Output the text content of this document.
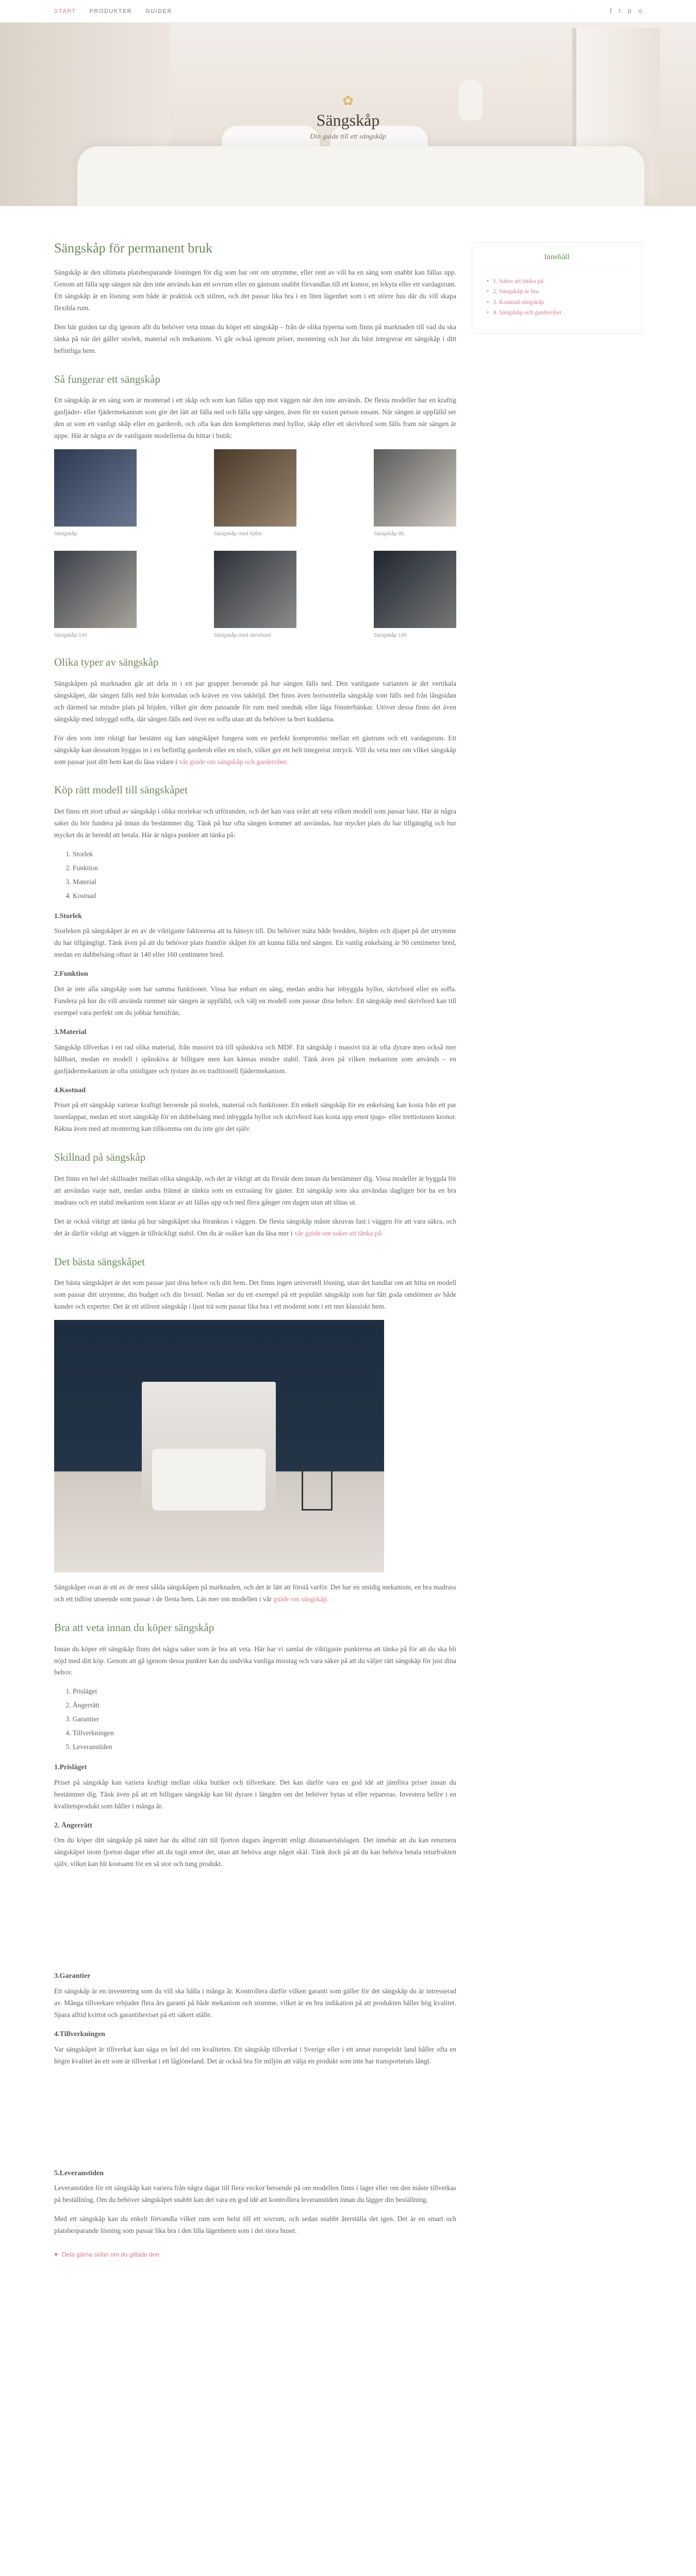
START PRODUKTER GUIDER	f t p o
✿
Sängskåp
Din guide till ett sängskåp
Sängskåp för permanent bruk

Sängskåp är den ultimata platsbesparande lösningen för dig som har ont om utrymme, eller rent av vill ha en säng som snabbt kan fällas upp. Genom att fälla upp sängen när den inte används kan ett sovrum eller en gästrum snabbt förvandlas till ett kontor, en lekyta eller ett vardagsrum. Ett sängskåp är en lösning som både är praktisk och stilren, och det passar lika bra i en liten lägenhet som i ett större hus där du vill skapa flexibla rum.

Den här guiden tar dig igenom allt du behöver veta innan du köper ett sängskåp – från de olika typerna som finns på marknaden till vad du ska tänka på när det gäller storlek, material och mekanism. Vi går också igenom priser, montering och hur du bäst integrerar ett sängskåp i ditt befintliga hem.

Så fungerar ett sängskåp

Ett sängskåp är en säng som är monterad i ett skåp och som kan fällas upp mot väggen när den inte används. De flesta modeller har en kraftig gasfjäder- eller fjädermekanism som gör det lätt att fälla ned och fälla upp sängen, även för en vuxen person ensam. När sängen är uppfälld ser den ut som ett vanligt skåp eller en garderob, och ofta kan den kompletteras med hyllor, skåp eller ett skrivbord som fälls fram när sängen är uppe. Här är några av de vanligaste modellerna du hittar i butik:

Sängskåp	Sängskåp med hyllor	Sängskåp 90
Sängskåp 160	Sängskåp med skrivbord	Sängskåp 140
Olika typer av sängskåp

Sängskåpen på marknaden går att dela in i ett par grupper beroende på hur sängen fälls ned. Den vanligaste varianten är det vertikala sängskåpet, där sängen fälls ned från kortsidan och kräver en viss takhöjd. Det finns även horisontella sängskåp som fälls ned från långsidan och därmed tar mindre plats på höjden, vilket gör dem passande för rum med snedtak eller låga fönsterbänkar. Utöver dessa finns det även sängskåp med inbyggd soffa, där sängen fälls ned över en soffa utan att du behöver ta bort kuddarna.

För den som inte riktigt har bestämt sig kan sängskåpet fungera som en perfekt kompromiss mellan ett gästrum och ett vardagsrum. Ett sängskåp kan dessutom byggas in i en befintlig garderob eller en nisch, vilket ger ett helt integrerat intryck. Vill du veta mer om vilket sängskåp som passar just ditt hem kan du läsa vidare i vår guide om sängskåp och garderober.

Köp rätt modell till sängskåpet

Det finns ett stort utbud av sängskåp i olika storlekar och utföranden, och det kan vara svårt att veta vilken modell som passar bäst. Här är några saker du bör fundera på innan du bestämmer dig. Tänk på hur ofta sängen kommer att användas, hur mycket plats du har tillgänglig och hur mycket du är beredd att betala. Här är några punkter att tänka på:

1. Storlek
2. Funktion
3. Material
4. Kostnad
1.Storlek

Storleken på sängskåpet är en av de viktigaste faktorerna att ta hänsyn till. Du behöver mäta både bredden, höjden och djupet på det utrymme du har tillgängligt. Tänk även på att du behöver plats framför skåpet för att kunna fälla ned sängen. En vanlig enkelsäng är 90 centimeter bred, medan en dubbelsäng oftast är 140 eller 160 centimeter bred.

2.Funktion

Det är inte alla sängskåp som har samma funktioner. Vissa har enbart en säng, medan andra har inbyggda hyllor, skrivbord eller en soffa. Fundera på hur du vill använda rummet när sängen är uppfälld, och välj en modell som passar dina behov. Ett sängskåp med skrivbord kan till exempel vara perfekt om du jobbar hemifrån.

3.Material

Sängskåp tillverkas i en rad olika material, från massivt trä till spånskiva och MDF. Ett sängskåp i massivt trä är ofta dyrare men också mer hållbart, medan en modell i spånskiva är billigare men kan kännas mindre stabil. Tänk även på vilken mekanism som används – en gasfjädermekanism är ofta smidigare och tystare än en traditionell fjädermekanism.

4.Kostnad

Priset på ett sängskåp varierar kraftigt beroende på storlek, material och funktioner. Ett enkelt sängskåp för en enkelsäng kan kosta från ett par tusenlappar, medan ett stort sängskåp för en dubbelsäng med inbyggda hyllor och skrivbord kan kosta upp emot tjugo- eller trettiotusen kronor. Räkna även med att montering kan tillkomma om du inte gör det själv.

Skillnad på sängskåp

Det finns en hel del skillnader mellan olika sängskåp, och det är viktigt att du förstår dem innan du bestämmer dig. Vissa modeller är byggda för att användas varje natt, medan andra främst är tänkta som en extrasäng för gäster. Ett sängskåp som ska användas dagligen bör ha en bra madrass och en stabil mekanism som klarar av att fällas upp och ned flera gånger om dagen utan att slitas ut.

Det är också viktigt att tänka på hur sängskåpet ska förankras i väggen. De flesta sängskåp måste skruvas fast i väggen för att vara säkra, och det är därför viktigt att väggen är tillräckligt stabil. Om du är osäker kan du läsa mer i vår guide om saker att tänka på.

Det bästa sängskåpet

Det bästa sängskåpet är det som passar just dina behov och ditt hem. Det finns ingen universell lösning, utan det handlar om att hitta en modell som passar ditt utrymme, din budget och din livsstil. Nedan ser du ett exempel på ett populärt sängskåp som har fått goda omdömen av både kunder och experter. Det är ett stilrent sängskåp i ljust trä som passar lika bra i ett modernt som i ett mer klassiskt hem.

Sängskåpet ovan är ett av de mest sålda sängskåpen på marknaden, och det är lätt att förstå varför. Det har en smidig mekanism, en bra madrass och ett tidlöst utseende som passar i de flesta hem. Läs mer om modellen i vår guide om sängskåp.

Bra att veta innan du köper sängskåp

Innan du köper ett sängskåp finns det några saker som är bra att veta. Här har vi samlat de viktigaste punkterna att tänka på för att du ska bli nöjd med ditt köp. Genom att gå igenom dessa punkter kan du undvika vanliga misstag och vara säker på att du väljer rätt sängskåp för just dina behov.

1. Prisläget
2. Ångerrätt
3. Garantier
4. Tillverkningen
5. Leveranstiden
1.Prisläget

Priset på sängskåp kan variera kraftigt mellan olika butiker och tillverkare. Det kan därför vara en god idé att jämföra priser innan du bestämmer dig. Tänk även på att ett billigare sängskåp kan bli dyrare i längden om det behöver bytas ut eller repareras. Investera hellre i en kvalitetsprodukt som håller i många år.

2. Ångerrätt

Om du köper ditt sängskåp på nätet har du alltid rätt till fjorton dagars ångerrätt enligt distansavtalslagen. Det innebär att du kan returnera sängskåpet inom fjorton dagar efter att du tagit emot det, utan att behöva ange något skäl. Tänk dock på att du kan behöva betala returfrakten själv, vilket kan bli kostsamt för en så stor och tung produkt.

3.Garantier

Ett sängskåp är en investering som du vill ska hålla i många år. Kontrollera därför vilken garanti som gäller för det sängskåp du är intresserad av. Många tillverkare erbjuder flera års garanti på både mekanism och stomme, vilket är en bra indikation på att produkten håller hög kvalitet. Spara alltid kvittot och garantibeviset på ett säkert ställe.

4.Tillverkningen

Var sängskåpet är tillverkat kan säga en hel del om kvaliteten. Ett sängskåp tillverkat i Sverige eller i ett annat europeiskt land håller ofta en högre kvalitet än ett som är tillverkat i ett låglöneland. Det är också bra för miljön att välja en produkt som inte har transporterats långt.

5.Leveranstiden

Leveranstiden för ett sängskåp kan variera från några dagar till flera veckor beroende på om modellen finns i lager eller om den måste tillverkas på beställning. Om du behöver sängskåpet snabbt kan det vara en god idé att kontrollera leveranstiden innan du lägger din beställning.

Med ett sängskåp kan du enkelt förvandla vilket rum som helst till ett sovrum, och sedan snabbt återställa det igen. Det är en smart och platsbesparande lösning som passar lika bra i den lilla lägenheten som i det stora huset.

♥ Dela gärna sidan om du gillade den
Innehåll
• 1. Saker att tänka på
• 2. Sängskåp är bra
• 3. Kostnad sängskåp
• 4. Sängskåp och garderober
